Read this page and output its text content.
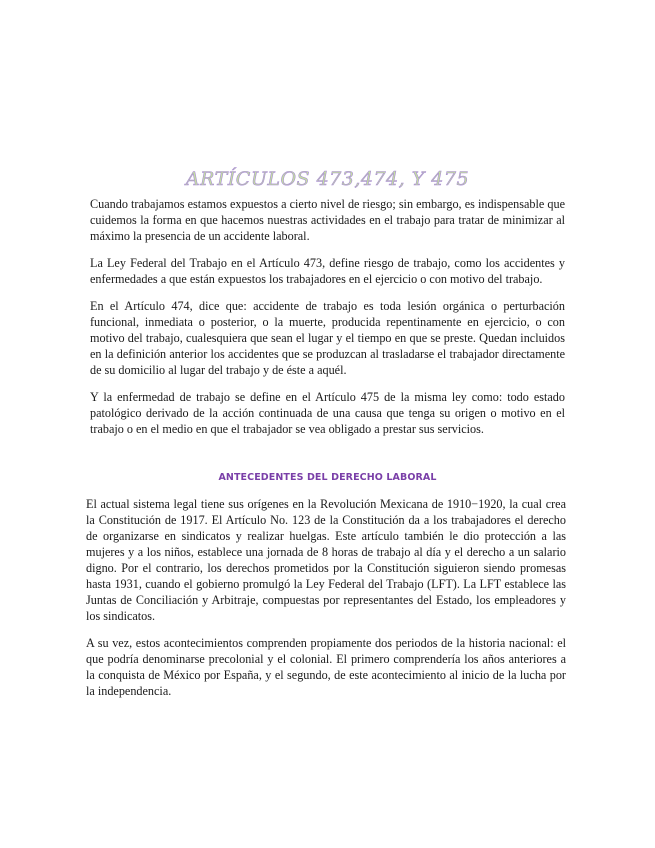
ARTÍCULOS 473,474, Y 475

Cuando trabajamos estamos expuestos a cierto nivel de riesgo; sin embargo, es indispensable que cuidemos la forma en que hacemos nuestras actividades en el trabajo para tratar de minimizar al máximo la presencia de un accidente laboral.

La Ley Federal del Trabajo en el Artículo 473, define riesgo de trabajo, como los accidentes y enfermedades a que están expuestos los trabajadores en el ejercicio o con motivo del trabajo.

En el Artículo 474, dice que: accidente de trabajo es toda lesión orgánica o perturbación funcional, inmediata o posterior, o la muerte, producida repentinamente en ejercicio, o con motivo del trabajo, cualesquiera que sean el lugar y el tiempo en que se preste. Quedan incluidos en la definición anterior los accidentes que se produzcan al trasladarse el trabajador directamente de su domicilio al lugar del trabajo y de éste a aquél.

Y la enfermedad de trabajo se define en el Artículo 475 de la misma ley como: todo estado patológico derivado de la acción continuada de una causa que tenga su origen o motivo en el trabajo o en el medio en que el trabajador se vea obligado a prestar sus servicios.

ANTECEDENTES DEL DERECHO LABORAL

El actual sistema legal tiene sus orígenes en la Revolución Mexicana de 1910−1920, la cual crea la Constitución de 1917. El Artículo No. 123 de la Constitución da a los trabajadores el derecho de organizarse en sindicatos y realizar huelgas. Este artículo también le dio protección a las mujeres y a los niños, establece una jornada de 8 horas de trabajo al día y el derecho a un salario digno. Por el contrario, los derechos prometidos por la Constitución siguieron siendo promesas hasta 1931, cuando el gobierno promulgó la Ley Federal del Trabajo (LFT). La LFT establece las Juntas de Conciliación y Arbitraje, compuestas por representantes del Estado, los empleadores y los sindicatos.

A su vez, estos acontecimientos comprenden propiamente dos periodos de la historia nacional: el que podría denominarse precolonial y el colonial. El primero comprendería los años anteriores a la conquista de México por España, y el segundo, de este acontecimiento al inicio de la lucha por la independencia.
